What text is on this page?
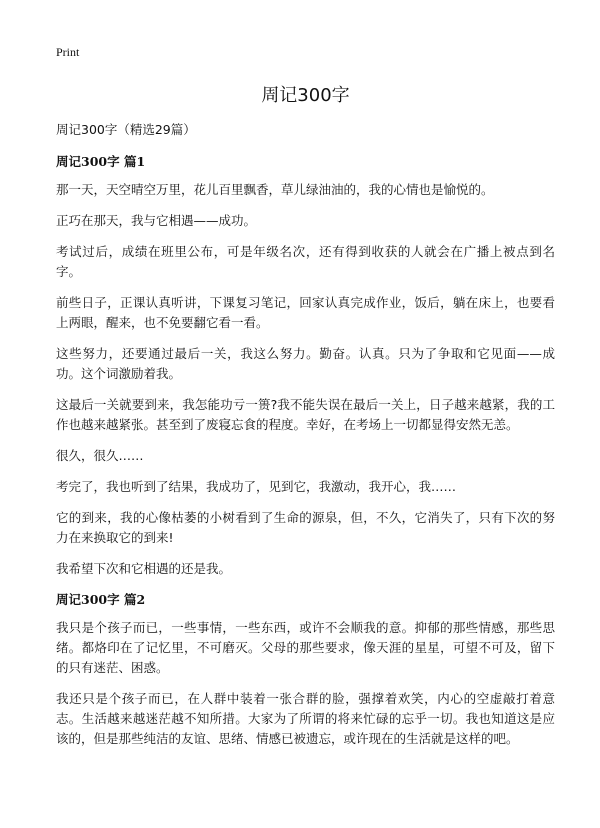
Print
周记300字
周记300字（精选29篇）
周记300字 篇1

那一天，天空晴空万里，花儿百里飘香，草儿绿油油的，我的心情也是愉悦的。

正巧在那天，我与它相遇——成功。

考试过后，成绩在班里公布，可是年级名次，还有得到收获的人就会在广播上被点到名字。

前些日子，正课认真听讲，下课复习笔记，回家认真完成作业，饭后，躺在床上，也要看上两眼，醒来，也不免要翻它看一看。

这些努力，还要通过最后一关，我这么努力。勤奋。认真。只为了争取和它见面——成功。这个词激励着我。

这最后一关就要到来，我怎能功亏一篑?我不能失误在最后一关上，日子越来越紧，我的工作也越来越紧张。甚至到了废寝忘食的程度。幸好，在考场上一切都显得安然无恙。

很久，很久……

考完了，我也听到了结果，我成功了，见到它，我激动，我开心，我……

它的到来，我的心像枯萎的小树看到了生命的源泉，但，不久，它消失了，只有下次的努力在来换取它的到来!

我希望下次和它相遇的还是我。

周记300字 篇2

我只是个孩子而已，一些事情，一些东西，或许不会顺我的意。抑郁的那些情感，那些思绪。都烙印在了记忆里，不可磨灭。父母的那些要求，像天涯的星星，可望不可及，留下的只有迷茫、困惑。

我还只是个孩子而已，在人群中装着一张合群的脸，强撑着欢笑，内心的空虚敲打着意志。生活越来越迷茫越不知所措。大家为了所谓的将来忙碌的忘乎一切。我也知道这是应该的，但是那些纯洁的友谊、思绪、情感已被遗忘，或许现在的生活就是这样的吧。
